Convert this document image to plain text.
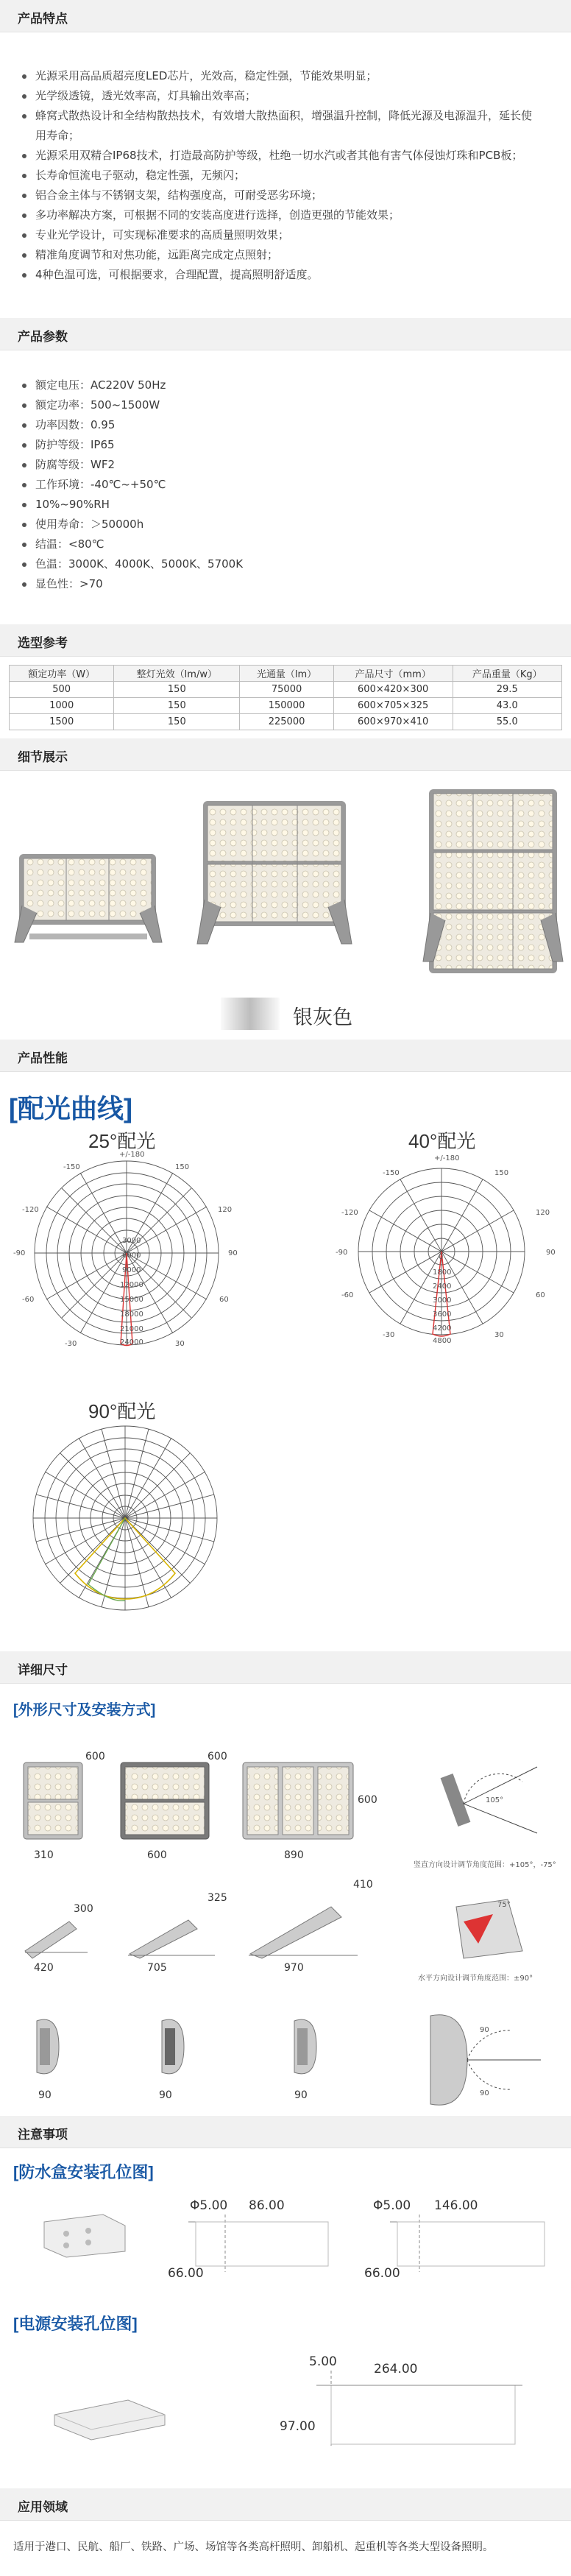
产品特点
光源采用高品质超亮度LED芯片，光效高，稳定性强，节能效果明显；
光学级透镜，透光效率高，灯具输出效率高；
蜂窝式散热设计和全结构散热技术，有效增大散热面积，增强温升控制，降低光源及电源温升，延长使
用寿命；
光源采用双精合IP68技术，打造最高防护等级，杜绝一切水汽或者其他有害气体侵蚀灯珠和PCB板；
长寿命恒流电子驱动，稳定性强，无频闪；
铝合金主体与不锈钢支架，结构强度高，可耐受恶劣环境；
多功率解决方案，可根据不同的安装高度进行选择，创造更强的节能效果；
专业光学设计，可实现标准要求的高质量照明效果；
精准角度调节和对焦功能，远距离完成定点照射；
4种色温可选，可根据要求，合理配置，提高照明舒适度。
产品参数
额定电压：AC220V 50Hz
额定功率：500~1500W
功率因数：0.95
防护等级：IP65
防腐等级：WF2
工作环境：-40℃~+50℃
10%~90%RH
使用寿命：＞50000h
结温：<80℃
色温：3000K、4000K、5000K、5700K
显色性：>70
选型参考
额定功率（W）	整灯光效（lm/w）	光通量（lm）	产品尺寸（mm）	产品重量（Kg）
500	150	75000	600×420×300	29.5
1000	150	150000	600×705×325	43.0
1500	150	225000	600×970×410	55.0
细节展示
银灰色
产品性能
[配光曲线]
25°配光	40°配光
90°配光
+/-180
-150	150
-120	120
-90	90
-60	60
-30	30
3000
6000
9000
12000
15000
18000
21000
24000
+/-180
-150	150
-120	120
-90	90
-60	60
-30	30
0
1800
2400
3000
3600
4200
4800
详细尺寸
[外形尺寸及安装方式]
600
310
600
600
600
890
105°
竖直方向设计调节角度范围：+105°，-75°
300
420
325
705
410
970
75°
水平方向设计调节角度范围：±90°
90	90	90
90
90
注意事项
[防水盒安装孔位图]
Φ5.00 86.00
66.00
Φ5.00 146.00
66.00
[电源安装孔位图]
5.00	264.00
97.00
应用领域
适用于港口、民航、船厂、铁路、广场、场馆等各类高杆照明、卸船机、起重机等各类大型设备照明。
